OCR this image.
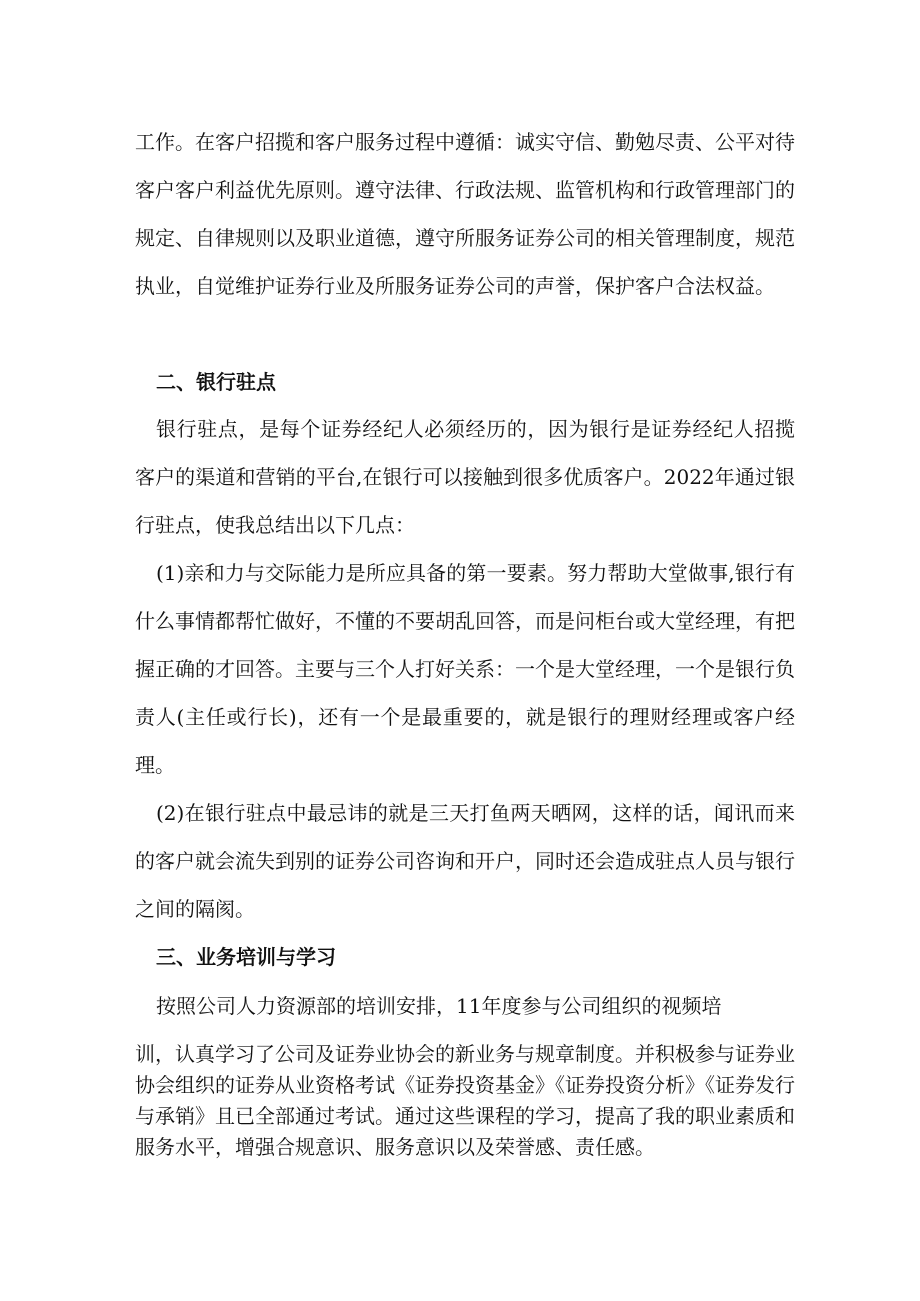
工作。在客户招揽和客户服务过程中遵循：诚实守信、勤勉尽责、公平对待客户客户利益优先原则。遵守法律、行政法规、监管机构和行政管理部门的规定、自律规则以及职业道德，遵守所服务证券公司的相关管理制度，规范执业，自觉维护证券行业及所服务证券公司的声誉，保护客户合法权益。

二、银行驻点

银行驻点，是每个证券经纪人必须经历的，因为银行是证券经纪人招揽客户的渠道和营销的平台,在银行可以接触到很多优质客户。2022年通过银行驻点，使我总结出以下几点：

(1)亲和力与交际能力是所应具备的第一要素。努力帮助大堂做事,银行有什么事情都帮忙做好，不懂的不要胡乱回答，而是问柜台或大堂经理，有把握正确的才回答。主要与三个人打好关系：一个是大堂经理，一个是银行负责人(主任或行长)，还有一个是最重要的，就是银行的理财经理或客户经理。

(2)在银行驻点中最忌讳的就是三天打鱼两天晒网，这样的话，闻讯而来的客户就会流失到别的证券公司咨询和开户，同时还会造成驻点人员与银行之间的隔阂。

三、业务培训与学习

按照公司人力资源部的培训安排，11年度参与公司组织的视频培

训，认真学习了公司及证券业协会的新业务与规章制度。并积极参与证券业协会组织的证券从业资格考试《证券投资基金》《证券投资分析》《证券发行与承销》且已全部通过考试。通过这些课程的学习，提高了我的职业素质和服务水平，增强合规意识、服务意识以及荣誉感、责任感。
